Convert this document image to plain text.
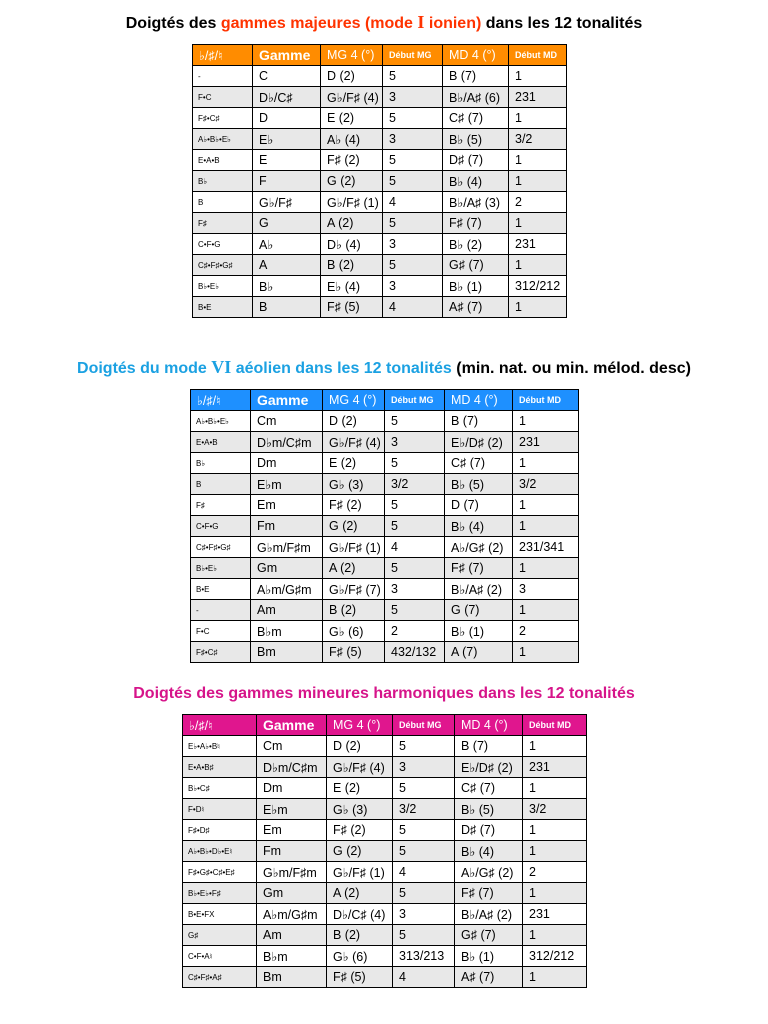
Doigtés des gammes majeures (mode I ionien) dans les 12 tonalités
♭/♯/♮	Gamme	MG 4 (°)	Début MG	MD 4 (°)	Début MD
-	C	D (2)	5	B (7)	1
F•C	D♭/C♯	G♭/F♯ (4)	3	B♭/A♯ (6)	231
F♯•C♯	D	E (2)	5	C♯ (7)	1
A♭•B♭•E♭	E♭	A♭ (4)	3	B♭ (5)	3/2
E•A•B	E	F♯ (2)	5	D♯ (7)	1
B♭	F	G (2)	5	B♭ (4)	1
B	G♭/F♯	G♭/F♯ (1)	4	B♭/A♯ (3)	2
F♯	G	A (2)	5	F♯ (7)	1
C•F•G	A♭	D♭ (4)	3	B♭ (2)	231
C♯•F♯•G♯	A	B (2)	5	G♯ (7)	1
B♭•E♭	B♭	E♭ (4)	3	B♭ (1)	312/212
B•E	B	F♯ (5)	4	A♯ (7)	1
Doigtés du mode VI aéolien dans les 12 tonalités (min. nat. ou min. mélod. desc)
♭/♯/♮	Gamme	MG 4 (°)	Début MG	MD 4 (°)	Début MD
A♭•B♭•E♭	Cm	D (2)	5	B (7)	1
E•A•B	D♭m/C♯m	G♭/F♯ (4)	3	E♭/D♯ (2)	231
B♭	Dm	E (2)	5	C♯ (7)	1
B	E♭m	G♭ (3)	3/2	B♭ (5)	3/2
F♯	Em	F♯ (2)	5	D (7)	1
C•F•G	Fm	G (2)	5	B♭ (4)	1
C♯•F♯•G♯	G♭m/F♯m	G♭/F♯ (1)	4	A♭/G♯ (2)	231/341
B♭•E♭	Gm	A (2)	5	F♯ (7)	1
B•E	A♭m/G♯m	G♭/F♯ (7)	3	B♭/A♯ (2)	3
-	Am	B (2)	5	G (7)	1
F•C	B♭m	G♭ (6)	2	B♭ (1)	2
F♯•C♯	Bm	F♯ (5)	432/132	A (7)	1
Doigtés des gammes mineures harmoniques dans les 12 tonalités
♭/♯/♮	Gamme	MG 4 (°)	Début MG	MD 4 (°)	Début MD
E♭•A♭•B♮	Cm	D (2)	5	B (7)	1
E•A•B♯	D♭m/C♯m	G♭/F♯ (4)	3	E♭/D♯ (2)	231
B♭•C♯	Dm	E (2)	5	C♯ (7)	1
F•D♮	E♭m	G♭ (3)	3/2	B♭ (5)	3/2
F♯•D♯	Em	F♯ (2)	5	D♯ (7)	1
A♭•B♭•D♭•E♮	Fm	G (2)	5	B♭ (4)	1
F♯•G♯•C♯•E♯	G♭m/F♯m	G♭/F♯ (1)	4	A♭/G♯ (2)	2
B♭•E♭•F♯	Gm	A (2)	5	F♯ (7)	1
B•E•FX	A♭m/G♯m	D♭/C♯ (4)	3	B♭/A♯ (2)	231
G♯	Am	B (2)	5	G♯ (7)	1
C•F•A♮	B♭m	G♭ (6)	313/213	B♭ (1)	312/212
C♯•F♯•A♯	Bm	F♯ (5)	4	A♯ (7)	1
